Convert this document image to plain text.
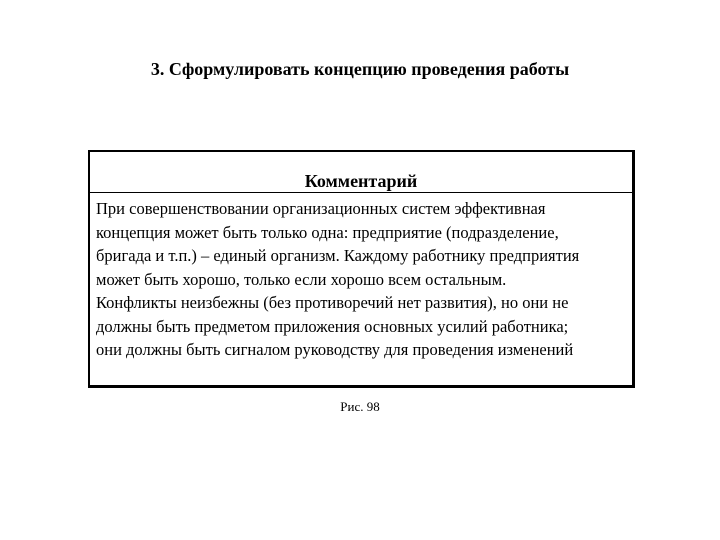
3. Сформулировать концепцию проведения работы
Комментарий
При совершенствовании организационных систем эффективная
концепция может быть только одна: предприятие (подразделение,
бригада и т.п.) – единый организм. Каждому работнику предприятия
может быть хорошо, только если хорошо всем остальным.
Конфликты неизбежны (без противоречий нет развития), но они не
должны быть предметом приложения основных усилий работника;
они должны быть сигналом руководству для проведения изменений
Рис. 98
